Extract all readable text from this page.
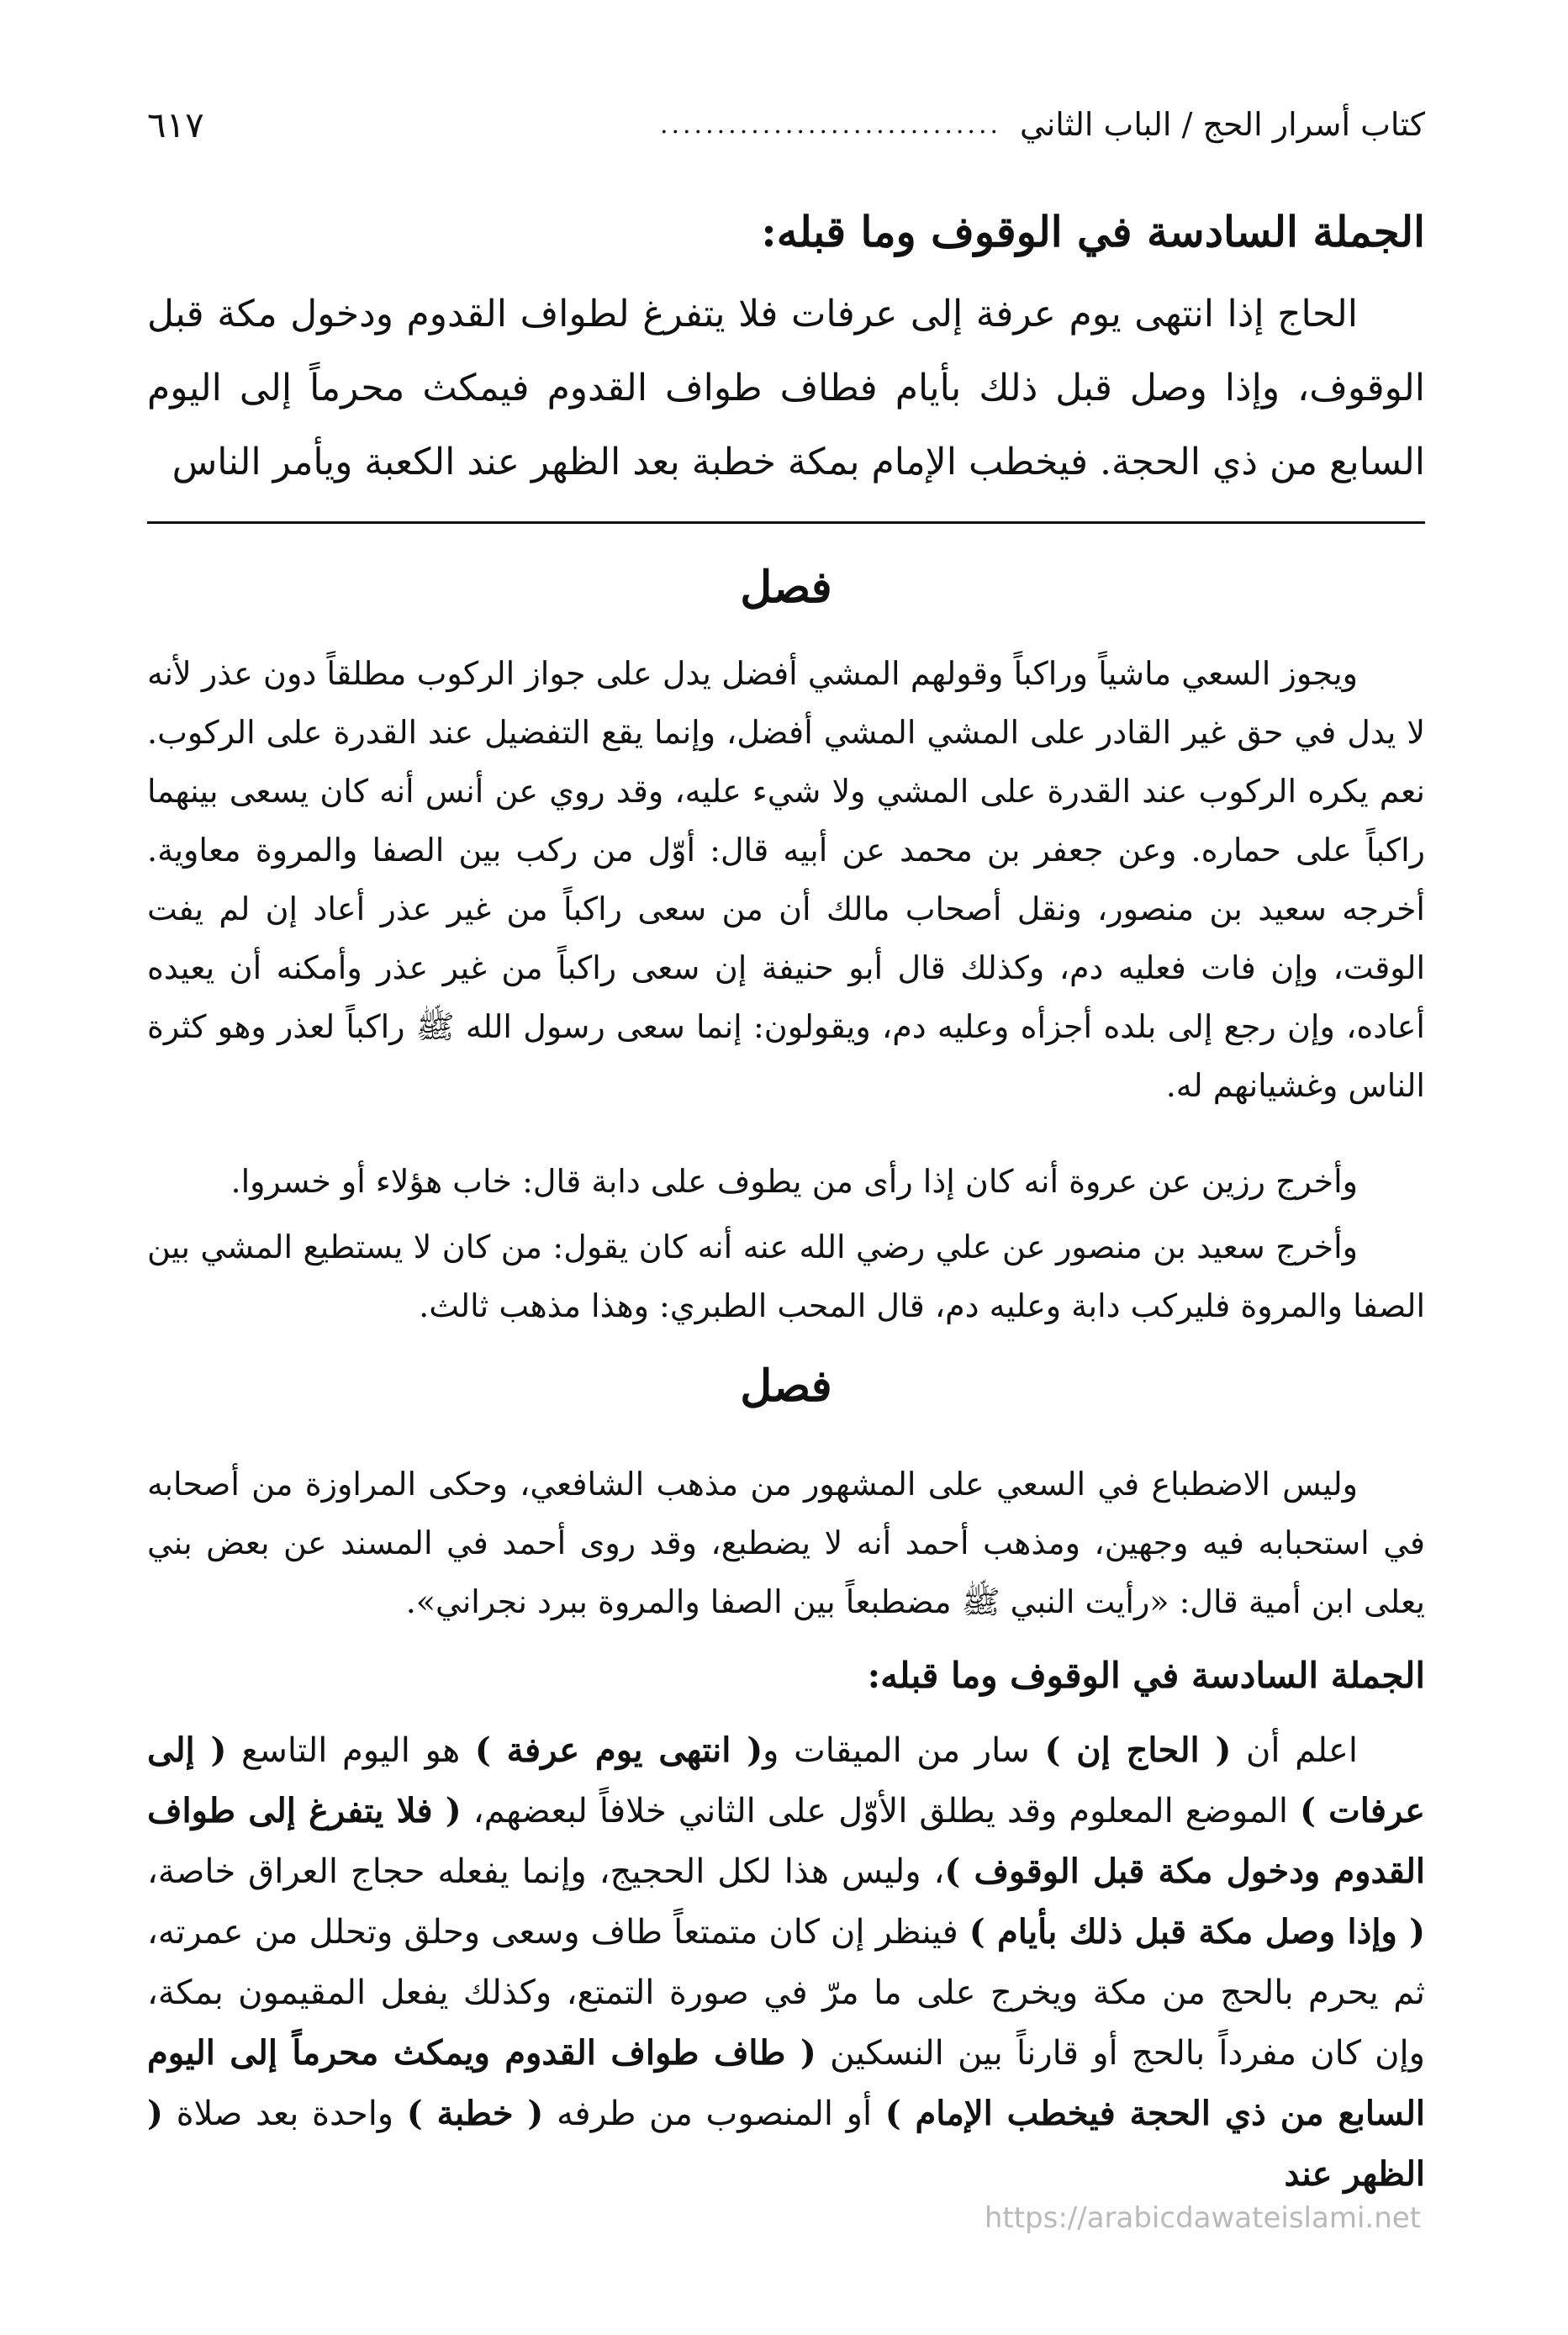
كتاب أسرار الحج / الباب الثاني
..............................
٦١٧
الجملة السادسة في الوقوف وما قبله:

الحاج إذا انتهى يوم عرفة إلى عرفات فلا يتفرغ لطواف القدوم ودخول مكة قبل الوقوف، وإذا وصل قبل ذلك بأيام فطاف طواف القدوم فيمكث محرماً إلى اليوم السابع من ذي الحجة. فيخطب الإمام بمكة خطبة بعد الظهر عند الكعبة ويأمر الناس

فصل

ويجوز السعي ماشياً وراكباً وقولهم المشي أفضل يدل على جواز الركوب مطلقاً دون عذر لأنه لا يدل في حق غير القادر على المشي المشي أفضل، وإنما يقع التفضيل عند القدرة على الركوب. نعم يكره الركوب عند القدرة على المشي ولا شيء عليه، وقد روي عن أنس أنه كان يسعى بينهما راكباً على حماره. وعن جعفر بن محمد عن أبيه قال: أوّل من ركب بين الصفا والمروة معاوية. أخرجه سعيد بن منصور، ونقل أصحاب مالك أن من سعى راكباً من غير عذر أعاد إن لم يفت الوقت، وإن فات فعليه دم، وكذلك قال أبو حنيفة إن سعى راكباً من غير عذر وأمكنه أن يعيده أعاده، وإن رجع إلى بلده أجزأه وعليه دم، ويقولون: إنما سعى رسول الله ﷺ راكباً لعذر وهو كثرة الناس وغشيانهم له.

وأخرج رزين عن عروة أنه كان إذا رأى من يطوف على دابة قال: خاب هؤلاء أو خسروا.

وأخرج سعيد بن منصور عن علي رضي الله عنه أنه كان يقول: من كان لا يستطيع المشي بين الصفا والمروة فليركب دابة وعليه دم، قال المحب الطبري: وهذا مذهب ثالث.

فصل

وليس الاضطباع في السعي على المشهور من مذهب الشافعي، وحكى المراوزة من أصحابه في استحبابه فيه وجهين، ومذهب أحمد أنه لا يضطبع، وقد روى أحمد في المسند عن بعض بني يعلى ابن أمية قال: «رأيت النبي ﷺ مضطبعاً بين الصفا والمروة ببرد نجراني».

الجملة السادسة في الوقوف وما قبله:

اعلم أن ( الحاج إن ) سار من الميقات و( انتهى يوم عرفة ) هو اليوم التاسع ( إلى عرفات ) الموضع المعلوم وقد يطلق الأوّل على الثاني خلافاً لبعضهم، ( فلا يتفرغ إلى طواف القدوم ودخول مكة قبل الوقوف )، وليس هذا لكل الحجيج، وإنما يفعله حجاج العراق خاصة، ( وإذا وصل مكة قبل ذلك بأيام ) فينظر إن كان متمتعاً طاف وسعى وحلق وتحلل من عمرته، ثم يحرم بالحج من مكة ويخرج على ما مرّ في صورة التمتع، وكذلك يفعل المقيمون بمكة، وإن كان مفرداً بالحج أو قارناً بين النسكين ( طاف طواف القدوم ويمكث محرماً إلى اليوم السابع من ذي الحجة فيخطب الإمام ) أو المنصوب من طرفه ( خطبة ) واحدة بعد صلاة ( الظهر عند

https://arabicdawateislami.net
